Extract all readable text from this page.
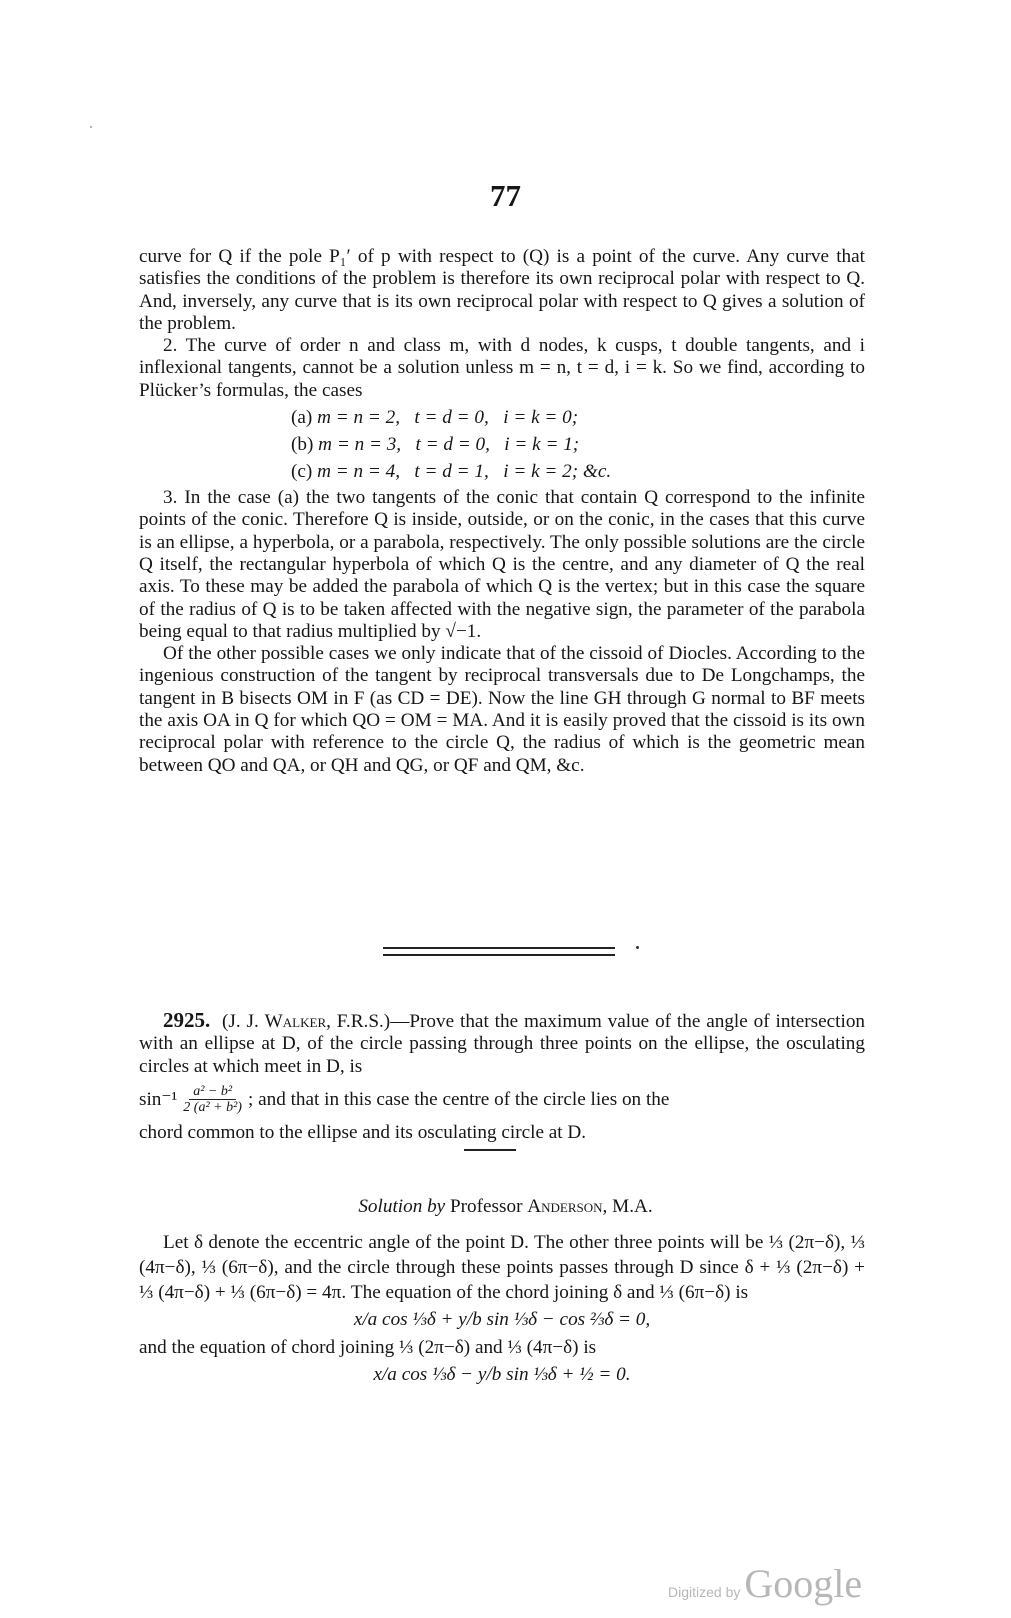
77

curve for Q if the pole P₁′ of p with respect to (Q) is a point of the curve. Any curve that satisfies the conditions of the problem is therefore its own reciprocal polar with respect to Q. And, inversely, any curve that is its own reciprocal polar with respect to Q gives a solution of the problem.

2. The curve of order n and class m, with d nodes, k cusps, t double tangents, and i inflexional tangents, cannot be a solution unless m = n, t = d, i = k. So we find, according to Plücker’s formulas, the cases

(a) m = n = 2,   t = d = 0,   i = k = 0;
(b) m = n = 3,   t = d = 0,   i = k = 1;
(c) m = n = 4,   t = d = 1,   i = k = 2; &c.

3. In the case (a) the two tangents of the conic that contain Q correspond to the infinite points of the conic. Therefore Q is inside, outside, or on the conic, in the cases that this curve is an ellipse, a hyperbola, or a parabola, respectively. The only possible solutions are the circle Q itself, the rectangular hyperbola of which Q is the centre, and any diameter of Q the real axis. To these may be added the parabola of which Q is the vertex; but in this case the square of the radius of Q is to be taken affected with the negative sign, the parameter of the parabola being equal to that radius multiplied by √−1.

Of the other possible cases we only indicate that of the cissoid of Diocles. According to the ingenious construction of the tangent by reciprocal transversals due to De Longchamps, the tangent in B bisects OM in F (as CD = DE). Now the line GH through G normal to BF meets the axis OA in Q for which QO = OM = MA. And it is easily proved that the cissoid is its own reciprocal polar with reference to the circle Q, the radius of which is the geometric mean between QO and QA, or QH and QG, or QF and QM, &c.

2925. (J. J. Walker, F.R.S.)—Prove that the maximum value of the angle of intersection with an ellipse at D, of the circle passing through three points on the ellipse, the osculating circles at which meet in D, is

$\sin^{-1} \frac{\text{a² − b²}}{\text{2 (a² + b²)}}$ ; and that in this case the centre of the circle lies on the

chord common to the ellipse and its osculating circle at D.

Solution by Professor Anderson, M.A.

Let δ denote the eccentric angle of the point D. The other three points will be ⅓ (2π−δ), ⅓ (4π−δ), ⅓ (6π−δ), and the circle through these points passes through D since δ + ⅓ (2π−δ) + ⅓ (4π−δ) + ⅓ (6π−δ) = 4π. The equation of the chord joining δ and ⅓ (6π−δ) is

x/a cos ⅓δ + y/b sin ⅓δ − cos ⅔δ = 0,

and the equation of chord joining ⅓ (2π−δ) and ⅓ (4π−δ) is

x/a cos ⅓δ − y/b sin ⅓δ + ½ = 0.
Digitized by Google
